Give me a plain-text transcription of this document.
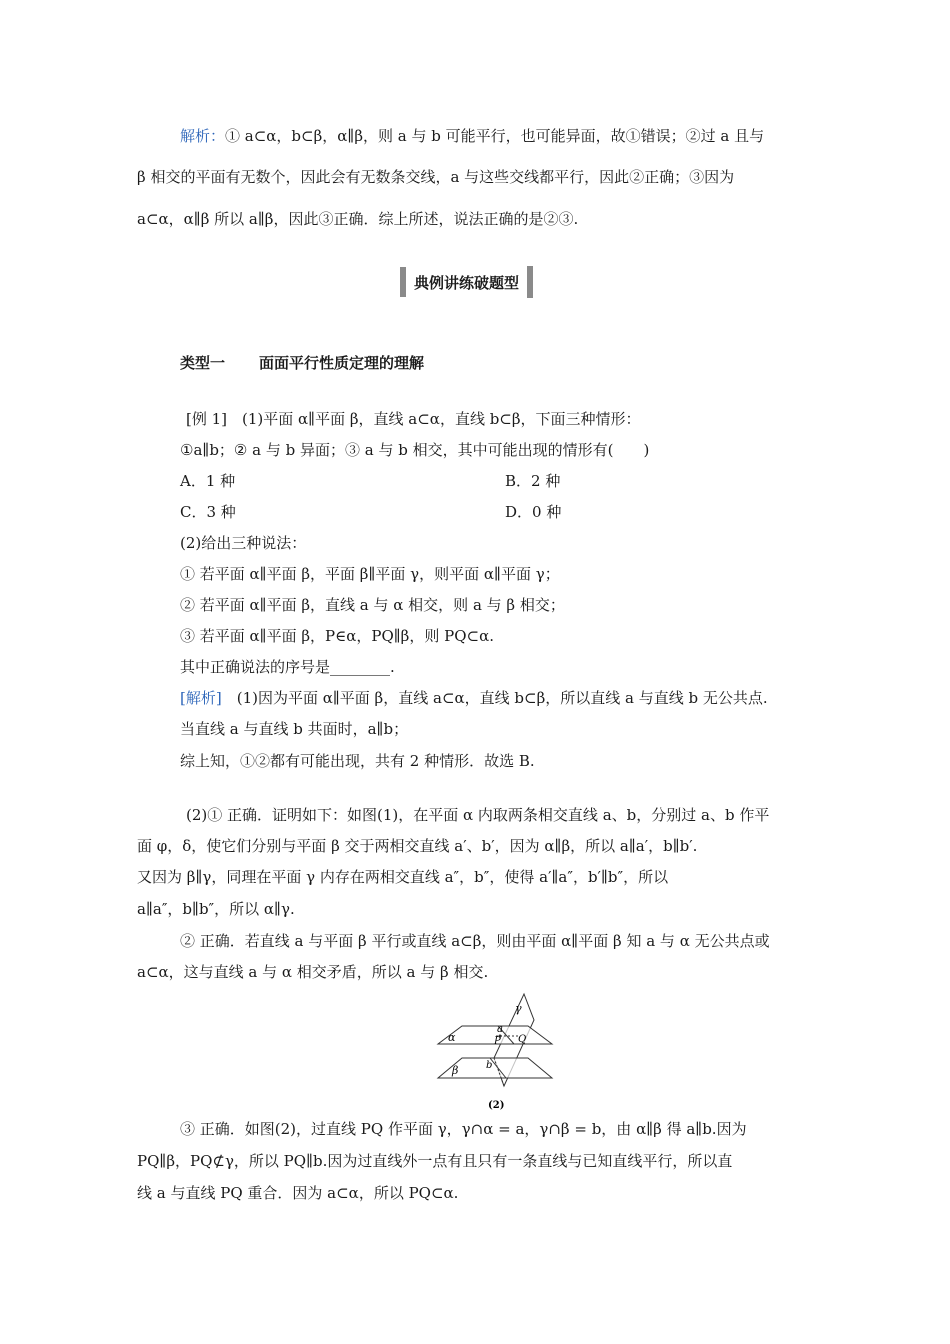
解析：① a⊂α，b⊂β，α∥β，则 a 与 b 可能平行，也可能异面，故①错误；②过 a 且与
β 相交的平面有无数个，因此会有无数条交线，a 与这些交线都平行，因此②正确；③因为
a⊂α，α∥β 所以 a∥β，因此③正确．综上所述，说法正确的是②③.
典例讲练破题型
类型一 面面平行性质定理的理解
[例 1]　(1)平面 α∥平面 β，直线 a⊂α，直线 b⊂β，下面三种情形：
①a∥b；② a 与 b 异面；③ a 与 b 相交，其中可能出现的情形有(　　)
A．1 种	B．2 种
C．3 种	D．0 种
(2)给出三种说法：
① 若平面 α∥平面 β，平面 β∥平面 γ，则平面 α∥平面 γ；
② 若平面 α∥平面 β，直线 a 与 α 相交，则 a 与 β 相交；
③ 若平面 α∥平面 β，P∈α，PQ∥β，则 PQ⊂α.
其中正确说法的序号是________.
[解析]　(1)因为平面 α∥平面 β，直线 a⊂α，直线 b⊂β，所以直线 a 与直线 b 无公共点.
当直线 a 与直线 b 共面时，a∥b；
综上知，①②都有可能出现，共有 2 种情形．故选 B.
(2)① 正确．证明如下：如图(1)，在平面 α 内取两条相交直线 a、b，分别过 a、b 作平
面 φ，δ，使它们分别与平面 β 交于两相交直线 a′、b′，因为 α∥β，所以 a∥a′，b∥b′.
又因为 β∥γ，同理在平面 γ 内存在两相交直线 a″，b″，使得 a′∥a″，b′∥b″，所以
a∥a″，b∥b″，所以 α∥γ.
② 正确．若直线 a 与平面 β 平行或直线 a⊂β，则由平面 α∥平面 β 知 a 与 α 无公共点或
a⊂α，这与直线 a 与 α 相交矛盾，所以 a 与 β 相交.
γ
α
β
a
b
P Q
(2)
③ 正确．如图(2)，过直线 PQ 作平面 γ，γ∩α = a，γ∩β = b，由 α∥β 得 a∥b.因为
PQ∥β，PQ⊄γ，所以 PQ∥b.因为过直线外一点有且只有一条直线与已知直线平行，所以直
线 a 与直线 PQ 重合．因为 a⊂α，所以 PQ⊂α.
